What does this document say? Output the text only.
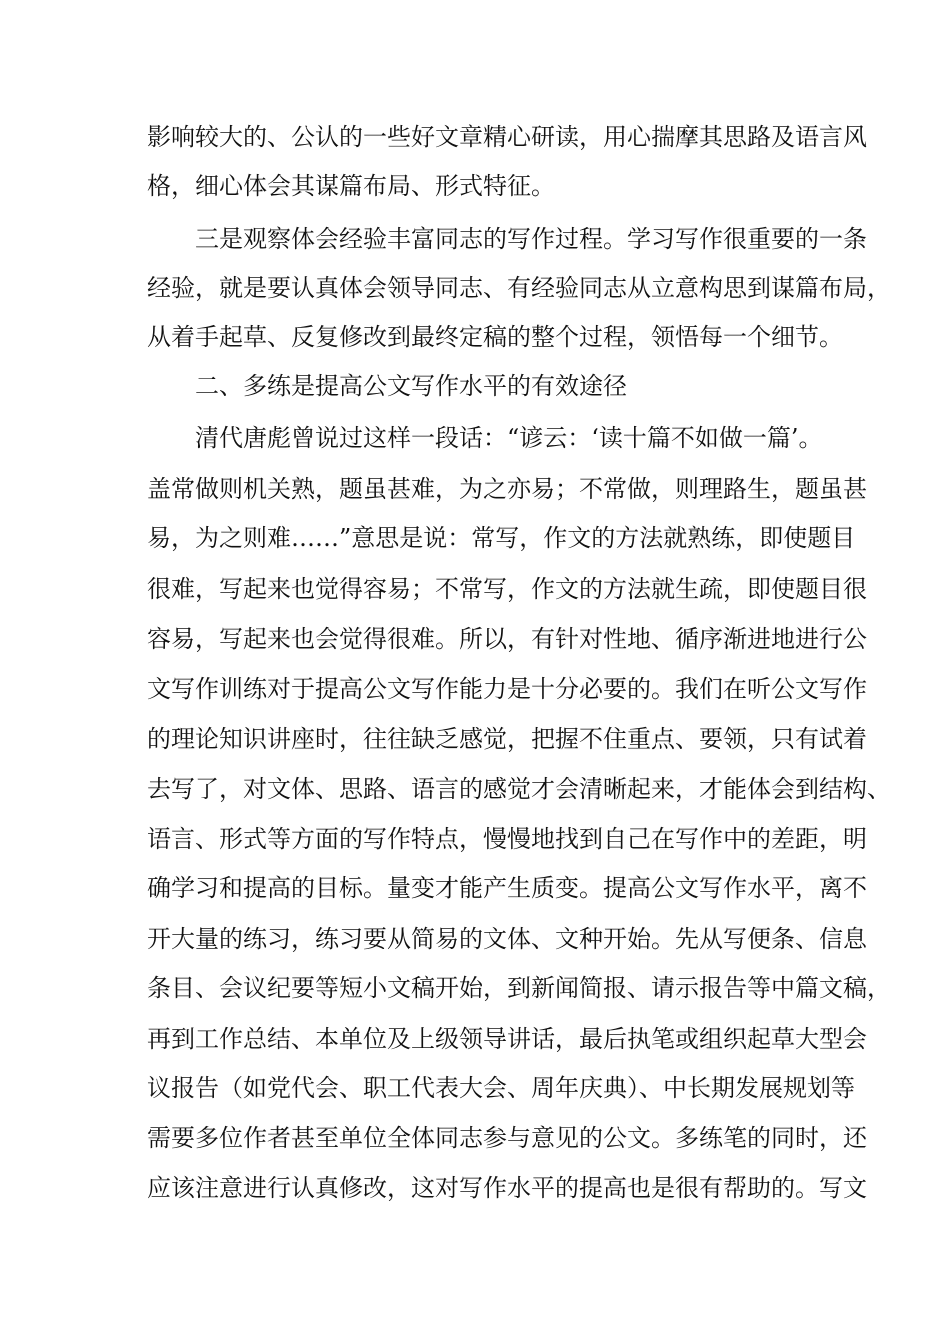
影响较大的、公认的一些好文章精心研读，用心揣摩其思路及语言风
格，细心体会其谋篇布局、形式特征。
三是观察体会经验丰富同志的写作过程。学习写作很重要的一条
经验，就是要认真体会领导同志、有经验同志从立意构思到谋篇布局，
从着手起草、反复修改到最终定稿的整个过程，领悟每一个细节。
二、多练是提高公文写作水平的有效途径
清代唐彪曾说过这样一段话：“谚云：‘读十篇不如做一篇’。
盖常做则机关熟，题虽甚难，为之亦易；不常做，则理路生，题虽甚
易，为之则难……”意思是说：常写，作文的方法就熟练，即使题目
很难，写起来也觉得容易；不常写，作文的方法就生疏，即使题目很
容易，写起来也会觉得很难。所以，有针对性地、循序渐进地进行公
文写作训练对于提高公文写作能力是十分必要的。我们在听公文写作
的理论知识讲座时，往往缺乏感觉，把握不住重点、要领，只有试着
去写了，对文体、思路、语言的感觉才会清晰起来，才能体会到结构、
语言、形式等方面的写作特点，慢慢地找到自己在写作中的差距，明
确学习和提高的目标。量变才能产生质变。提高公文写作水平，离不
开大量的练习，练习要从简易的文体、文种开始。先从写便条、信息
条目、会议纪要等短小文稿开始，到新闻简报、请示报告等中篇文稿，
再到工作总结、本单位及上级领导讲话，最后执笔或组织起草大型会
议报告（如党代会、职工代表大会、周年庆典）、中长期发展规划等
需要多位作者甚至单位全体同志参与意见的公文。多练笔的同时，还
应该注意进行认真修改，这对写作水平的提高也是很有帮助的。写文
